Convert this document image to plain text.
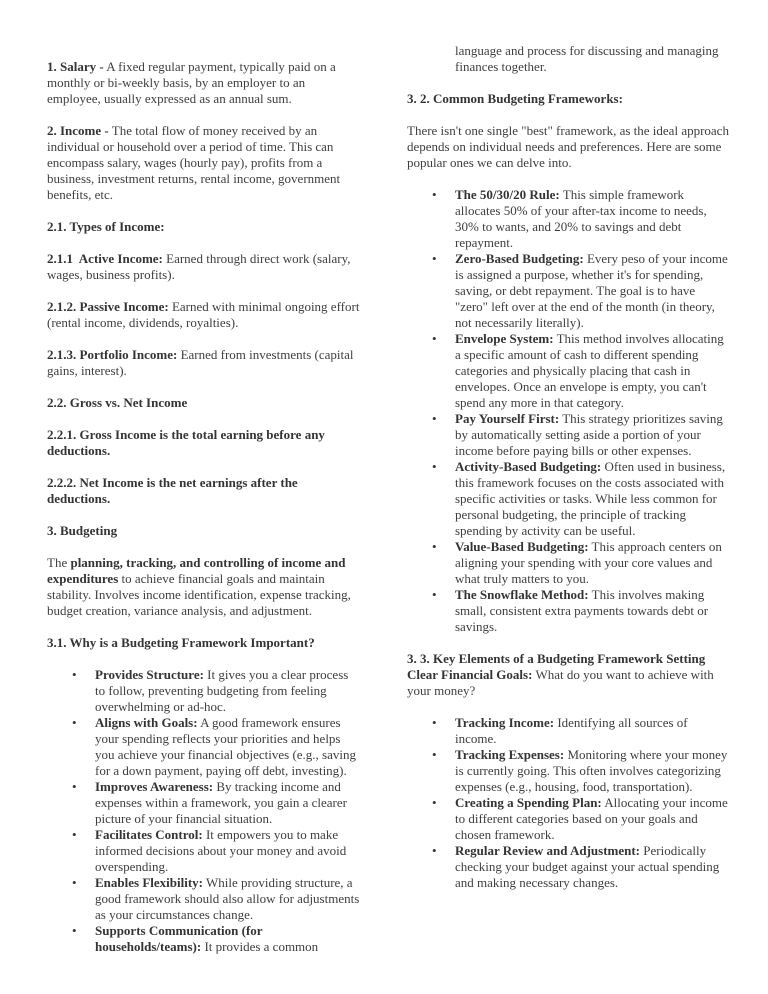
1. Salary - A fixed regular payment, typically paid on a monthly or bi-weekly basis, by an employer to an employee, usually expressed as an annual sum.

2. Income - The total flow of money received by an individual or household over a period of time. This can encompass salary, wages (hourly pay), profits from a business, investment returns, rental income, government benefits, etc.

2.1. Types of Income:

2.1.1  Active Income: Earned through direct work (salary, wages, business profits).

2.1.2. Passive Income: Earned with minimal ongoing effort (rental income, dividends, royalties).

2.1.3. Portfolio Income: Earned from investments (capital gains, interest).

2.2. Gross vs. Net Income

2.2.1. Gross Income is the total earning before any deductions.

2.2.2. Net Income is the net earnings after the deductions.

3. Budgeting

The planning, tracking, and controlling of income and expenditures to achieve financial goals and maintain stability. Involves income identification, expense tracking, budget creation, variance analysis, and adjustment.

3.1. Why is a Budgeting Framework Important?

• Provides Structure: It gives you a clear process to follow, preventing budgeting from feeling overwhelming or ad-hoc.
• Aligns with Goals: A good framework ensures your spending reflects your priorities and helps you achieve your financial objectives (e.g., saving for a down payment, paying off debt, investing).
• Improves Awareness: By tracking income and expenses within a framework, you gain a clearer picture of your financial situation.
• Facilitates Control: It empowers you to make informed decisions about your money and avoid overspending.
• Enables Flexibility: While providing structure, a good framework should also allow for adjustments as your circumstances change.
• Supports Communication (for households/teams): It provides a common

language and process for discussing and managing finances together.

3. 2. Common Budgeting Frameworks:

There isn't one single "best" framework, as the ideal approach depends on individual needs and preferences. Here are some popular ones we can delve into.

• The 50/30/20 Rule: This simple framework allocates 50% of your after-tax income to needs, 30% to wants, and 20% to savings and debt repayment.
• Zero-Based Budgeting: Every peso of your income is assigned a purpose, whether it's for spending, saving, or debt repayment. The goal is to have "zero" left over at the end of the month (in theory, not necessarily literally).
• Envelope System: This method involves allocating a specific amount of cash to different spending categories and physically placing that cash in envelopes. Once an envelope is empty, you can't spend any more in that category.
• Pay Yourself First: This strategy prioritizes saving by automatically setting aside a portion of your income before paying bills or other expenses.
• Activity-Based Budgeting: Often used in business, this framework focuses on the costs associated with specific activities or tasks. While less common for personal budgeting, the principle of tracking spending by activity can be useful.
• Value-Based Budgeting: This approach centers on aligning your spending with your core values and what truly matters to you.
• The Snowflake Method: This involves making small, consistent extra payments towards debt or savings.

3. 3. Key Elements of a Budgeting Framework Setting Clear Financial Goals: What do you want to achieve with your money?

• Tracking Income: Identifying all sources of income.
• Tracking Expenses: Monitoring where your money is currently going. This often involves categorizing expenses (e.g., housing, food, transportation).
• Creating a Spending Plan: Allocating your income to different categories based on your goals and chosen framework.
• Regular Review and Adjustment: Periodically checking your budget against your actual spending and making necessary changes.
